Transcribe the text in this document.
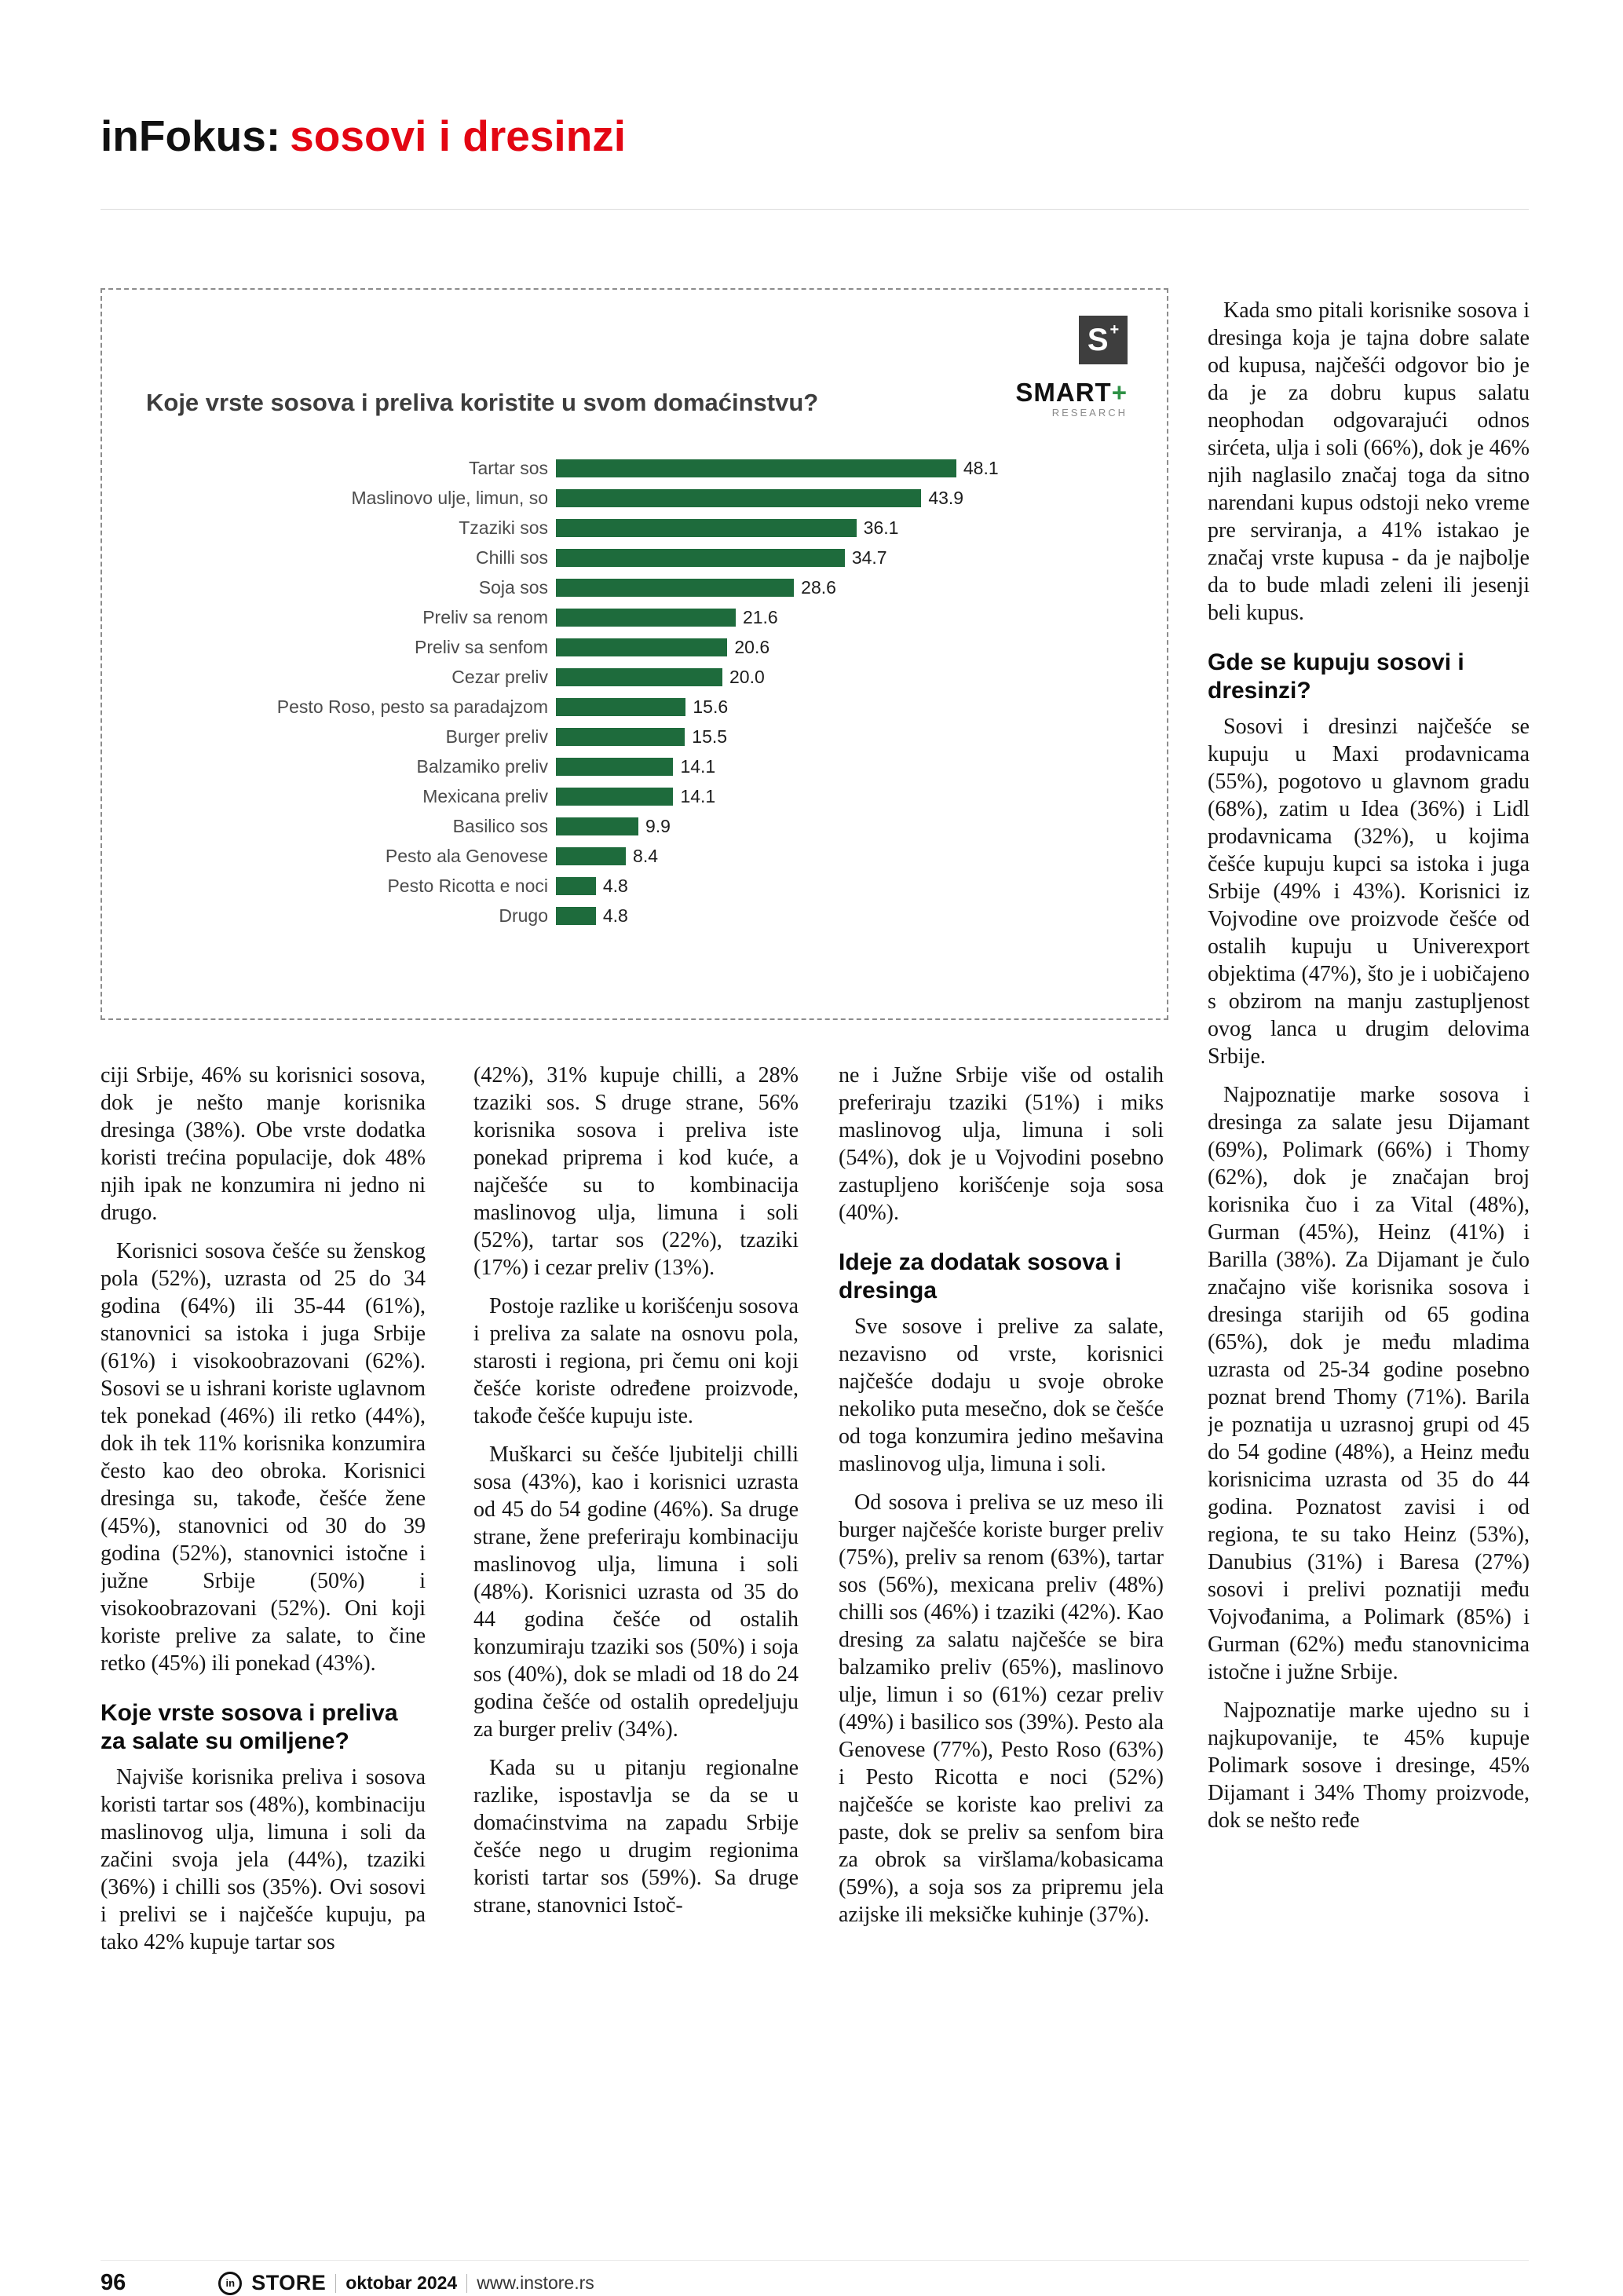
inFokus: sosovi i dresinzi
S +
Koje vrste sosova i preliva koristite u svom domaćinstvu?	SMART+
RESEARCH
Tartar sos	48.1
Maslinovo ulje, limun, so	43.9
Tzaziki sos	36.1
Chilli sos	34.7
Soja sos	28.6
Preliv sa renom	21.6
Preliv sa senfom	20.6
Cezar preliv	20.0
Pesto Roso, pesto sa paradajzom	15.6
Burger preliv	15.5
Balzamiko preliv	14.1
Mexicana preliv	14.1
Basilico sos	9.9
Pesto ala Genovese	8.4
Pesto Ricotta e noci	4.8
Drugo	4.8

ciji Srbije, 46% su korisnici sosova, dok je nešto manje korisnika dresinga (38%). Obe vrste dodatka koristi trećina populacije, dok 48% njih ipak ne konzumira ni jedno ni drugo.

Korisnici sosova češće su ženskog pola (52%), uzrasta od 25 do 34 godina (64%) ili 35-44 (61%), stanovnici sa istoka i juga Srbije (61%) i visokoobrazovani (62%). Sosovi se u ishrani koriste uglavnom tek ponekad (46%) ili retko (44%), dok ih tek 11% korisnika konzumira često kao deo obroka. Korisnici dresinga su, takođe, češće žene (45%), stanovnici od 30 do 39 godina (52%), stanovnici istočne i južne Srbije (50%) i visokoobrazovani (52%). Oni koji koriste prelive za salate, to čine retko (45%) ili ponekad (43%).

Koje vrste sosova i preliva za salate su omiljene?

Najviše korisnika preliva i sosova koristi tartar sos (48%), kombinaciju maslinovog ulja, limuna i soli da začini svoja jela (44%), tzaziki (36%) i chilli sos (35%). Ovi sosovi i prelivi se i najčešće kupuju, pa tako 42% kupuje tartar sos

(42%), 31% kupuje chilli, a 28% tzaziki sos. S druge strane, 56% korisnika sosova i preliva iste ponekad priprema i kod kuće, a najčešće su to kombinacija maslinovog ulja, limuna i soli (52%), tartar sos (22%), tzaziki (17%) i cezar preliv (13%).

Postoje razlike u korišćenju sosova i preliva za salate na osnovu pola, starosti i regiona, pri čemu oni koji češće koriste određene proizvode, takođe češće kupuju iste.

Muškarci su češće ljubitelji chilli sosa (43%), kao i korisnici uzrasta od 45 do 54 godine (46%). Sa druge strane, žene preferiraju kombinaciju maslinovog ulja, limuna i soli (48%). Korisnici uzrasta od 35 do 44 godina češće od ostalih konzumiraju tzaziki sos (50%) i soja sos (40%), dok se mladi od 18 do 24 godina češće od ostalih opredeljuju za burger preliv (34%).

Kada su u pitanju regionalne razlike, ispostavlja se da se u domaćinstvima na zapadu Srbije češće nego u drugim regionima koristi tartar sos (59%). Sa druge strane, stanovnici Istoč-

ne i Južne Srbije više od ostalih preferiraju tzaziki (51%) i miks maslinovog ulja, limuna i soli (54%), dok je u Vojvodini posebno zastupljeno korišćenje soja sosa (40%).

Ideje za dodatak sosova i dresinga

Sve sosove i prelive za salate, nezavisno od vrste, korisnici najčešće dodaju u svoje obroke nekoliko puta mesečno, dok se češće od toga konzumira jedino mešavina maslinovog ulja, limuna i soli.

Od sosova i preliva se uz meso ili burger najčešće koriste burger preliv (75%), preliv sa renom (63%), tartar sos (56%), mexicana preliv (48%) chilli sos (46%) i tzaziki (42%). Kao dresing za salatu najčešće se bira balzamiko preliv (65%), maslinovo ulje, limun i so (61%) cezar preliv (49%) i basilico sos (39%). Pesto ala Genovese (77%), Pesto Roso (63%) i Pesto Ricotta e noci (52%) najčešće se koriste kao prelivi za paste, dok se preliv sa senfom bira za obrok sa viršlama/kobasicama (59%), a soja sos za pripremu jela azijske ili meksičke kuhinje (37%).

Kada smo pitali korisnike sosova i dresinga koja je tajna dobre salate od kupusa, najčešći odgovor bio je da je za dobru kupus salatu neophodan odgovarajući odnos sirćeta, ulja i soli (66%), dok je 46% njih naglasilo značaj toga da sitno narendani kupus odstoji neko vreme pre serviranja, a 41% istakao je značaj vrste kupusa - da je najbolje da to bude mladi zeleni ili jesenji beli kupus.

Gde se kupuju sosovi i dresinzi?

Sosovi i dresinzi najčešće se kupuju u Maxi prodavnicama (55%), pogotovo u glavnom gradu (68%), zatim u Idea (36%) i Lidl prodavnicama (32%), u kojima češće kupuju kupci sa istoka i juga Srbije (49% i 43%). Korisnici iz Vojvodine ove proizvode češće od ostalih kupuju u Univerexport objektima (47%), što je i uobičajeno s obzirom na manju zastupljenost ovog lanca u drugim delovima Srbije.

Najpoznatije marke sosova i dresinga za salate jesu Dijamant (69%), Polimark (66%) i Thomy (62%), dok je značajan broj korisnika čuo i za Vital (48%), Gurman (45%), Heinz (41%) i Barilla (38%). Za Dijamant je čulo značajno više korisnika sosova i dresinga starijih od 65 godina (65%), dok je među mladima uzrasta od 25-34 godine posebno poznat brend Thomy (71%). Barila je poznatija u uzrasnoj grupi od 45 do 54 godine (48%), a Heinz među korisnicima uzrasta od 35 do 44 godina. Poznatost zavisi i od regiona, te su tako Heinz (53%), Danubius (31%) i Baresa (27%) sosovi i prelivi poznatiji među Vojvođanima, a Polimark (85%) i Gurman (62%) među stanovnicima istočne i južne Srbije.

Najpoznatije marke ujedno su i najkupovanije, te 45% kupuje Polimark sosove i dresinge, 45% Dijamant i 34% Thomy proizvode, dok se nešto ređe

96	in STORE oktobar 2024 www.instore.rs
